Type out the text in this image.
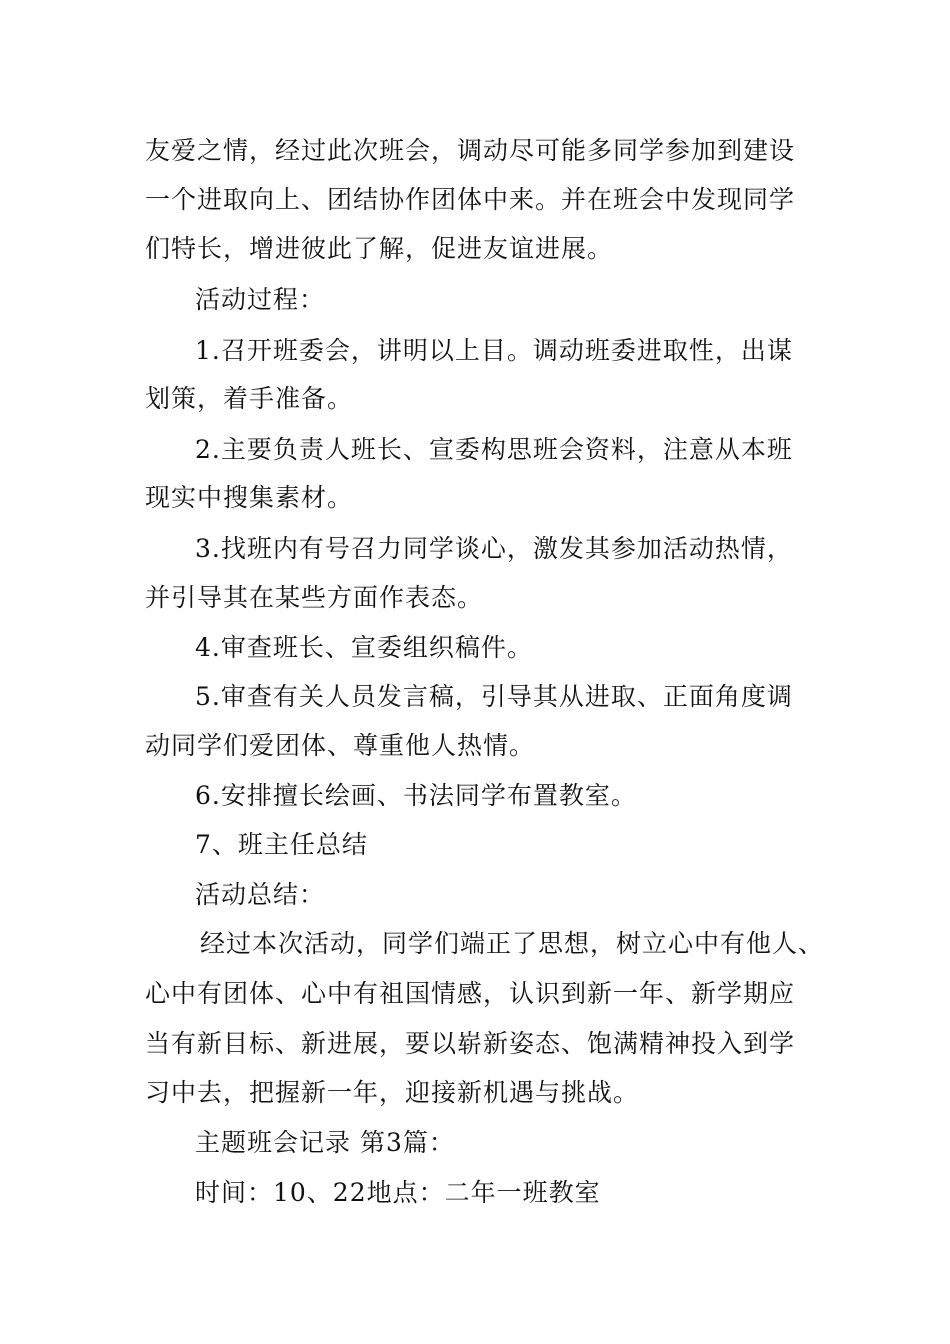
友爱之情，经过此次班会，调动尽可能多同学参加到建设
一个进取向上、团结协作团体中来。并在班会中发现同学
们特长，增进彼此了解，促进友谊进展。
活动过程：
1.召开班委会，讲明以上目。调动班委进取性，出谋
划策，着手准备。
2.主要负责人班长、宣委构思班会资料，注意从本班
现实中搜集素材。
3.找班内有号召力同学谈心，激发其参加活动热情，
并引导其在某些方面作表态。
4.审查班长、宣委组织稿件。
5.审查有关人员发言稿，引导其从进取、正面角度调
动同学们爱团体、尊重他人热情。
6.安排擅长绘画、书法同学布置教室。
7、班主任总结
活动总结：
经过本次活动，同学们端正了思想，树立心中有他人、
心中有团体、心中有祖国情感，认识到新一年、新学期应
当有新目标、新进展，要以崭新姿态、饱满精神投入到学
习中去，把握新一年，迎接新机遇与挑战。
主题班会记录 第3篇：
时间：10、22地点：二年一班教室
